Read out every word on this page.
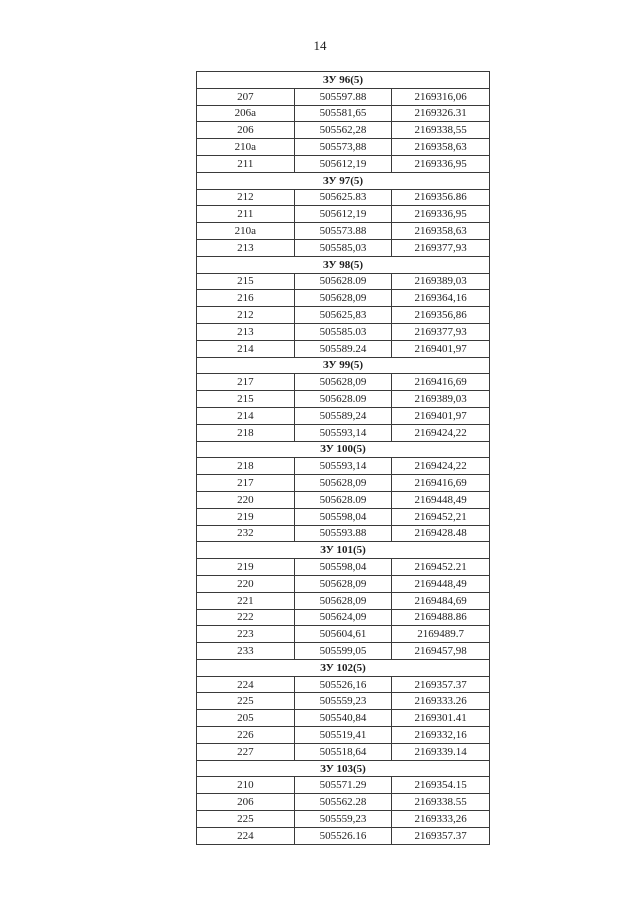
14
ЗУ 96(5)		
207	505597.88	2169316,06
206а	505581,65	2169326.31
206	505562,28	2169338,55
210а	505573,88	2169358,63
211	505612,19	2169336,95
ЗУ 97(5)		
212	505625.83	2169356.86
211	505612,19	2169336,95
210а	505573.88	2169358,63
213	505585,03	2169377,93
ЗУ 98(5)		
215	505628.09	2169389,03
216	505628,09	2169364,16
212	505625,83	2169356,86
213	505585.03	2169377,93
214	505589.24	2169401,97
ЗУ 99(5)		
217	505628,09	2169416,69
215	505628.09	2169389,03
214	505589,24	2169401,97
218	505593,14	2169424,22
ЗУ 100(5)		
218	505593,14	2169424,22
217	505628,09	2169416,69
220	505628.09	2169448,49
219	505598,04	2169452,21
232	505593.88	2169428.48
ЗУ 101(5)		
219	505598,04	2169452.21
220	505628,09	2169448,49
221	505628,09	2169484,69
222	505624,09	2169488.86
223	505604,61	2169489.7
233	505599,05	2169457,98
ЗУ 102(5)		
224	505526,16	2169357.37
225	505559,23	2169333.26
205	505540,84	2169301.41
226	505519,41	2169332,16
227	505518,64	2169339.14
ЗУ 103(5)		
210	505571.29	2169354.15
206	505562.28	2169338.55
225	505559,23	2169333,26
224	505526.16	2169357.37
